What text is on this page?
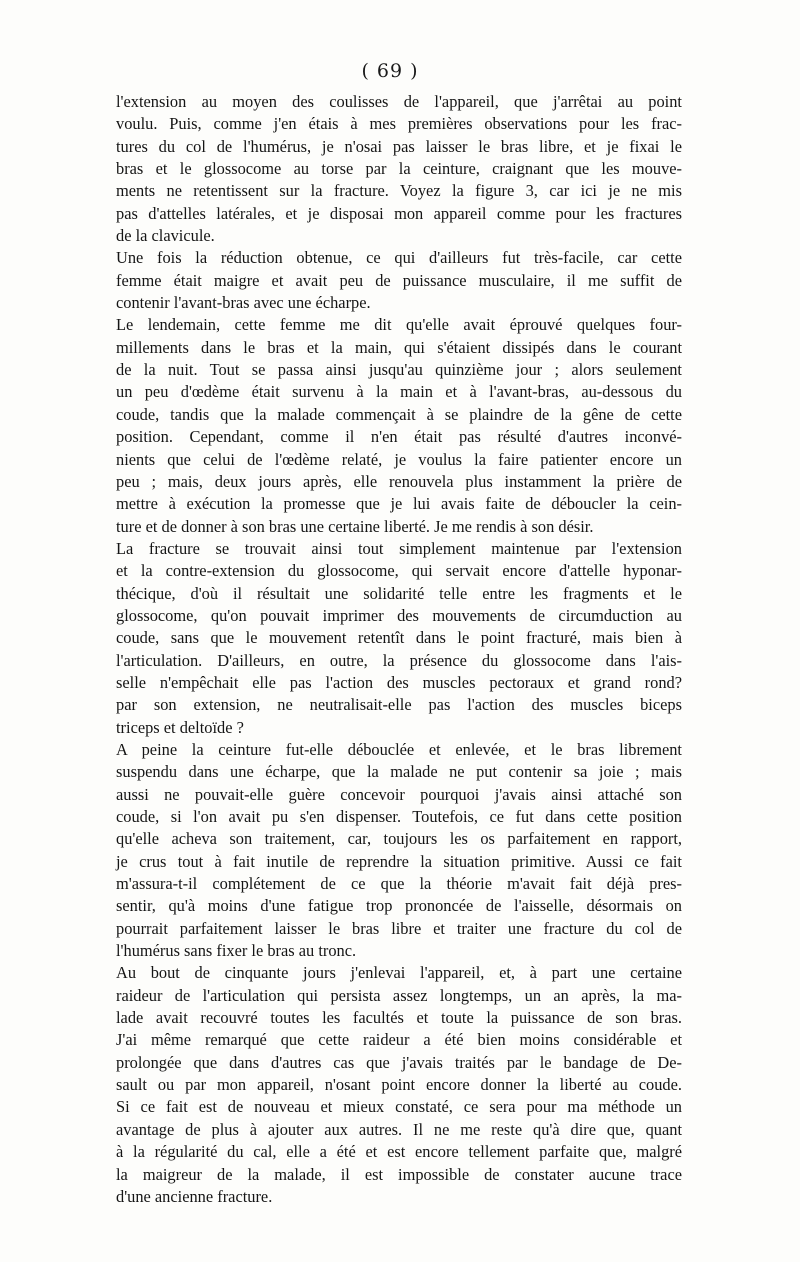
( 69 )
l'extension au moyen des coulisses de l'appareil, que j'arrêtai au point
voulu. Puis, comme j'en étais à mes premières observations pour les frac-
tures du col de l'humérus, je n'osai pas laisser le bras libre, et je fixai le
bras et le glossocome au torse par la ceinture, craignant que les mouve-
ments ne retentissent sur la fracture. Voyez la figure 3, car ici je ne mis
pas d'attelles latérales, et je disposai mon appareil comme pour les fractures
de la clavicule.
Une fois la réduction obtenue, ce qui d'ailleurs fut très-facile, car cette
femme était maigre et avait peu de puissance musculaire, il me suffit de
contenir l'avant-bras avec une écharpe.
Le lendemain, cette femme me dit qu'elle avait éprouvé quelques four-
millements dans le bras et la main, qui s'étaient dissipés dans le courant
de la nuit. Tout se passa ainsi jusqu'au quinzième jour ; alors seulement
un peu d'œdème était survenu à la main et à l'avant-bras, au-dessous du
coude, tandis que la malade commençait à se plaindre de la gêne de cette
position. Cependant, comme il n'en était pas résulté d'autres inconvé-
nients que celui de l'œdème relaté, je voulus la faire patienter encore un
peu ; mais, deux jours après, elle renouvela plus instamment la prière de
mettre à exécution la promesse que je lui avais faite de déboucler la cein-
ture et de donner à son bras une certaine liberté. Je me rendis à son désir.
La fracture se trouvait ainsi tout simplement maintenue par l'extension
et la contre-extension du glossocome, qui servait encore d'attelle hyponar-
thécique, d'où il résultait une solidarité telle entre les fragments et le
glossocome, qu'on pouvait imprimer des mouvements de circumduction au
coude, sans que le mouvement retentît dans le point fracturé, mais bien à
l'articulation. D'ailleurs, en outre, la présence du glossocome dans l'ais-
selle n'empêchait elle pas l'action des muscles pectoraux et grand rond?
par son extension, ne neutralisait-elle pas l'action des muscles biceps
triceps et deltoïde ?
A peine la ceinture fut-elle débouclée et enlevée, et le bras librement
suspendu dans une écharpe, que la malade ne put contenir sa joie ; mais
aussi ne pouvait-elle guère concevoir pourquoi j'avais ainsi attaché son
coude, si l'on avait pu s'en dispenser. Toutefois, ce fut dans cette position
qu'elle acheva son traitement, car, toujours les os parfaitement en rapport,
je crus tout à fait inutile de reprendre la situation primitive. Aussi ce fait
m'assura-t-il complétement de ce que la théorie m'avait fait déjà pres-
sentir, qu'à moins d'une fatigue trop prononcée de l'aisselle, désormais on
pourrait parfaitement laisser le bras libre et traiter une fracture du col de
l'humérus sans fixer le bras au tronc.
Au bout de cinquante jours j'enlevai l'appareil, et, à part une certaine
raideur de l'articulation qui persista assez longtemps, un an après, la ma-
lade avait recouvré toutes les facultés et toute la puissance de son bras.
J'ai même remarqué que cette raideur a été bien moins considérable et
prolongée que dans d'autres cas que j'avais traités par le bandage de De-
sault ou par mon appareil, n'osant point encore donner la liberté au coude.
Si ce fait est de nouveau et mieux constaté, ce sera pour ma méthode un
avantage de plus à ajouter aux autres. Il ne me reste qu'à dire que, quant
à la régularité du cal, elle a été et est encore tellement parfaite que, malgré
la maigreur de la malade, il est impossible de constater aucune trace
d'une ancienne fracture.
